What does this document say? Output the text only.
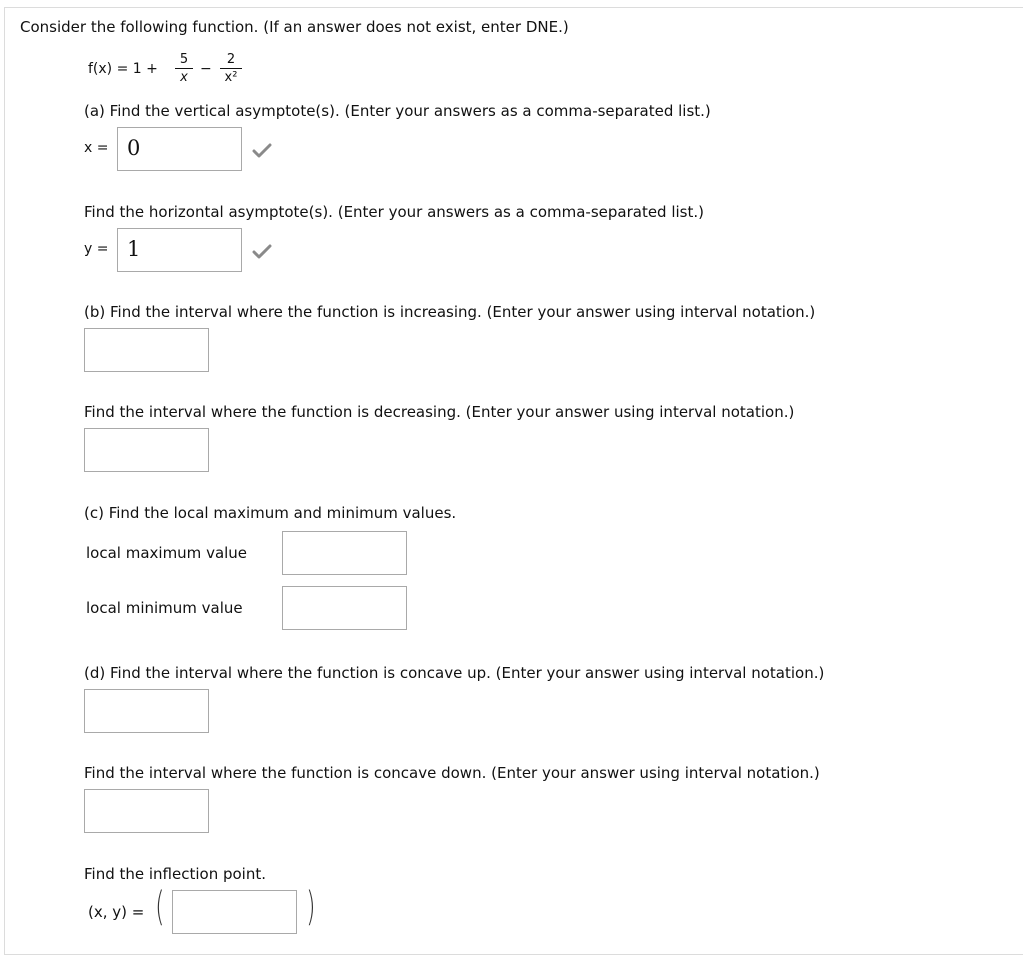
Consider the following function. (If an answer does not exist, enter DNE.)
f(x) = 1 +
5
x
−
2
x²
(a) Find the vertical asymptote(s). (Enter your answers as a comma-separated list.)
x = 0
Find the horizontal asymptote(s). (Enter your answers as a comma-separated list.)
y = 1
(b) Find the interval where the function is increasing. (Enter your answer using interval notation.)
Find the interval where the function is decreasing. (Enter your answer using interval notation.)
(c) Find the local maximum and minimum values.
local maximum value
local minimum value
(d) Find the interval where the function is concave up. (Enter your answer using interval notation.)
Find the interval where the function is concave down. (Enter your answer using interval notation.)
Find the inflection point.
(x, y) = (	)
